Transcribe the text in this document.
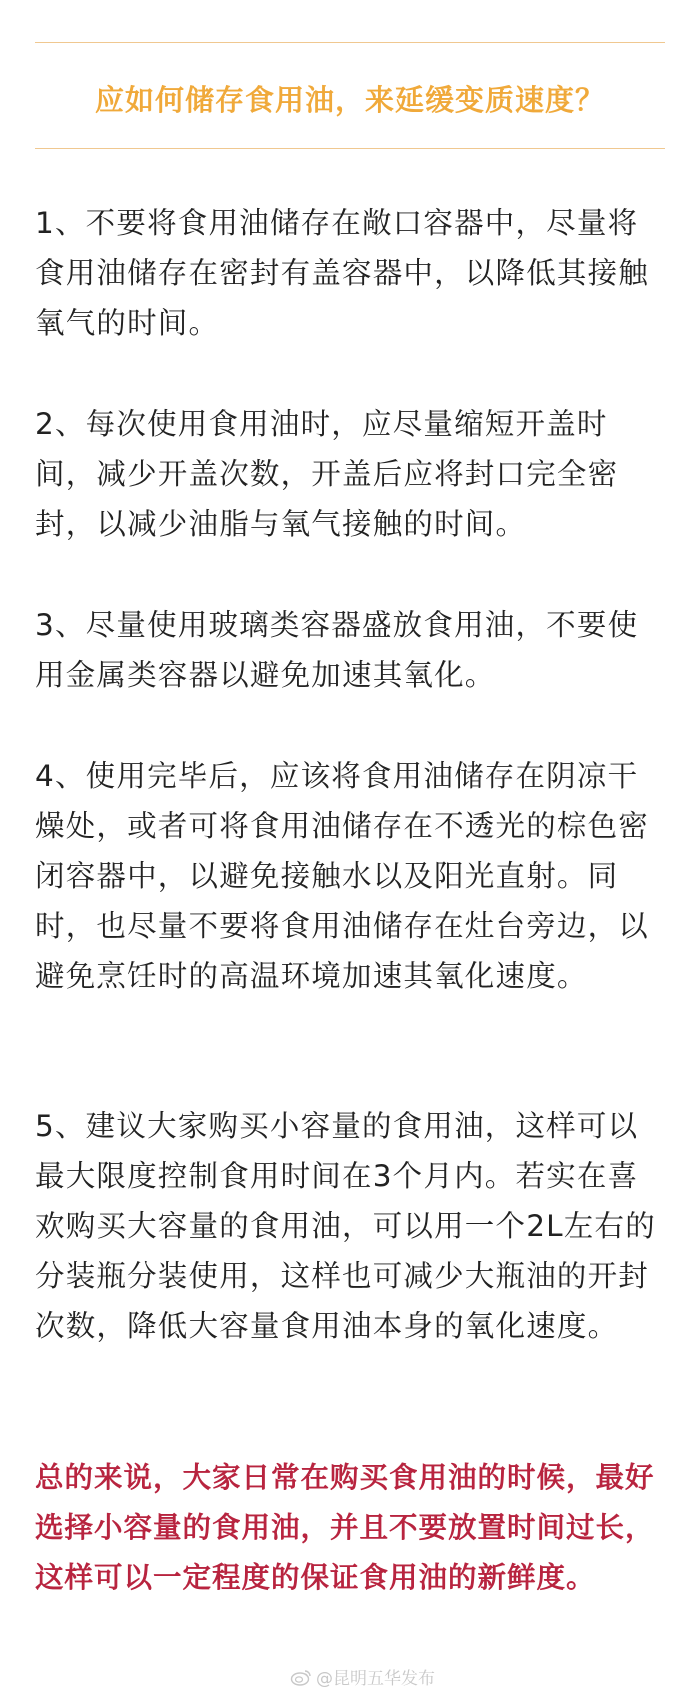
应如何储存食用油，来延缓变质速度？

1、不要将食用油储存在敞口容器中，尽量将食用油储存在密封有盖容器中，以降低其接触氧气的时间。

2、每次使用食用油时，应尽量缩短开盖时间，减少开盖次数，开盖后应将封口完全密封，以减少油脂与氧气接触的时间。

3、尽量使用玻璃类容器盛放食用油，不要使用金属类容器以避免加速其氧化。

4、使用完毕后，应该将食用油储存在阴凉干燥处，或者可将食用油储存在不透光的棕色密闭容器中，以避免接触水以及阳光直射。同时，也尽量不要将食用油储存在灶台旁边，以避免烹饪时的高温环境加速其氧化速度。

5、建议大家购买小容量的食用油，这样可以最大限度控制食用时间在3个月内。若实在喜欢购买大容量的食用油，可以用一个2L左右的分装瓶分装使用，这样也可减少大瓶油的开封次数，降低大容量食用油本身的氧化速度。

总的来说，大家日常在购买食用油的时候，最好选择小容量的食用油，并且不要放置时间过长，这样可以一定程度的保证食用油的新鲜度。

@昆明五华发布
